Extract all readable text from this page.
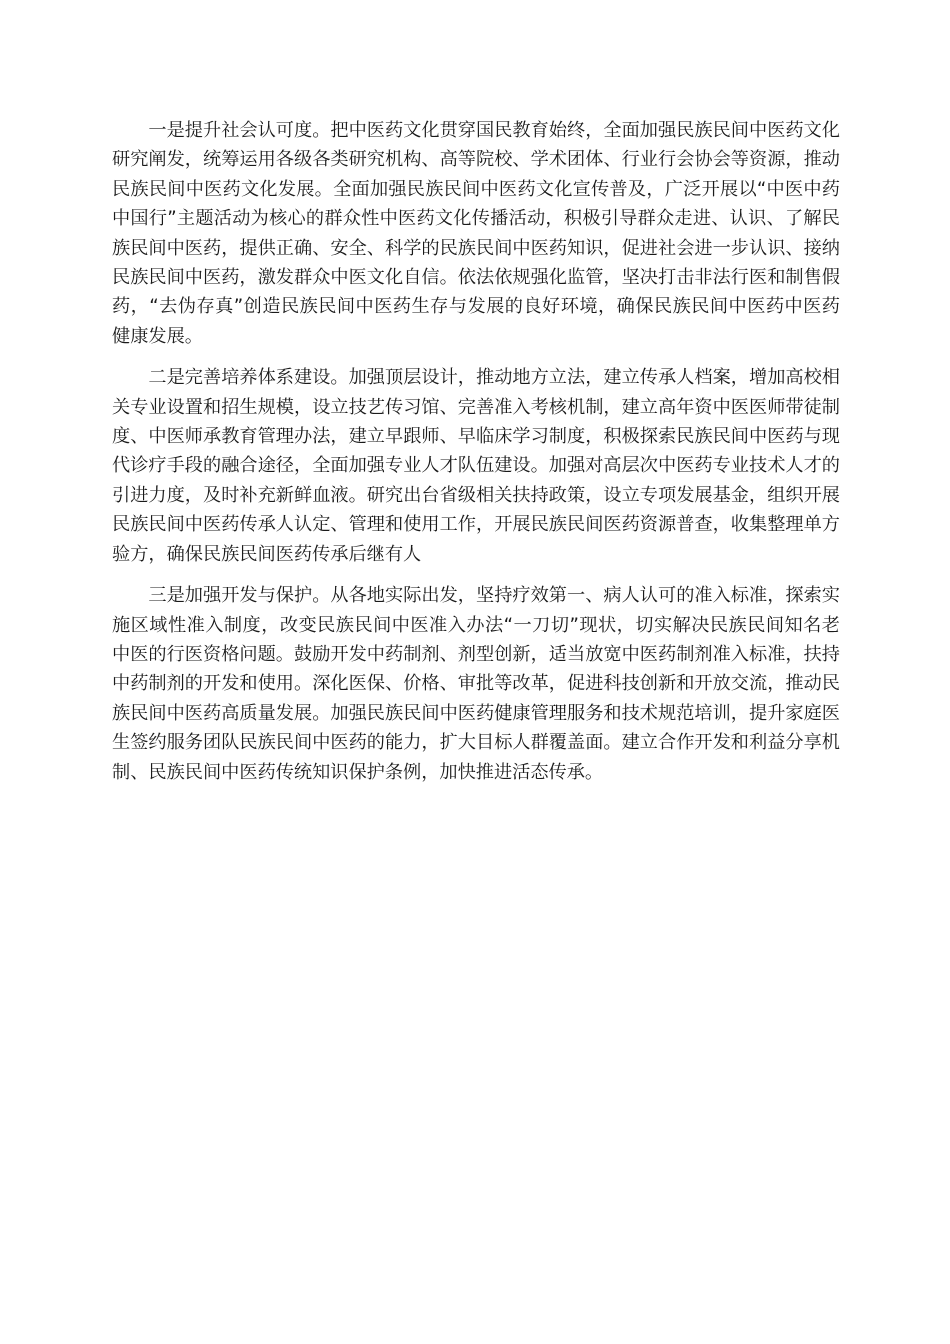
一是提升社会认可度。把中医药文化贯穿国民教育始终，全面加强民族民间中医药文化研究阐发，统筹运用各级各类研究机构、高等院校、学术团体、行业行会协会等资源，推动民族民间中医药文化发展。全面加强民族民间中医药文化宣传普及，广泛开展以“中医中药中国行”主题活动为核心的群众性中医药文化传播活动，积极引导群众走进、认识、了解民族民间中医药，提供正确、安全、科学的民族民间中医药知识，促进社会进一步认识、接纳民族民间中医药，激发群众中医文化自信。依法依规强化监管，坚决打击非法行医和制售假药，“去伪存真”创造民族民间中医药生存与发展的良好环境，确保民族民间中医药中医药健康发展。

二是完善培养体系建设。加强顶层设计，推动地方立法，建立传承人档案，增加高校相关专业设置和招生规模，设立技艺传习馆、完善准入考核机制，建立高年资中医医师带徒制度、中医师承教育管理办法，建立早跟师、早临床学习制度，积极探索民族民间中医药与现代诊疗手段的融合途径，全面加强专业人才队伍建设。加强对高层次中医药专业技术人才的引进力度，及时补充新鲜血液。研究出台省级相关扶持政策，设立专项发展基金，组织开展民族民间中医药传承人认定、管理和使用工作，开展民族民间医药资源普查，收集整理单方验方，确保民族民间医药传承后继有人

三是加强开发与保护。从各地实际出发，坚持疗效第一、病人认可的准入标准，探索实施区域性准入制度，改变民族民间中医准入办法“一刀切”现状，切实解决民族民间知名老中医的行医资格问题。鼓励开发中药制剂、剂型创新，适当放宽中医药制剂准入标准，扶持中药制剂的开发和使用。深化医保、价格、审批等改革，促进科技创新和开放交流，推动民族民间中医药高质量发展。加强民族民间中医药健康管理服务和技术规范培训，提升家庭医生签约服务团队民族民间中医药的能力，扩大目标人群覆盖面。建立合作开发和利益分享机制、民族民间中医药传统知识保护条例，加快推进活态传承。
